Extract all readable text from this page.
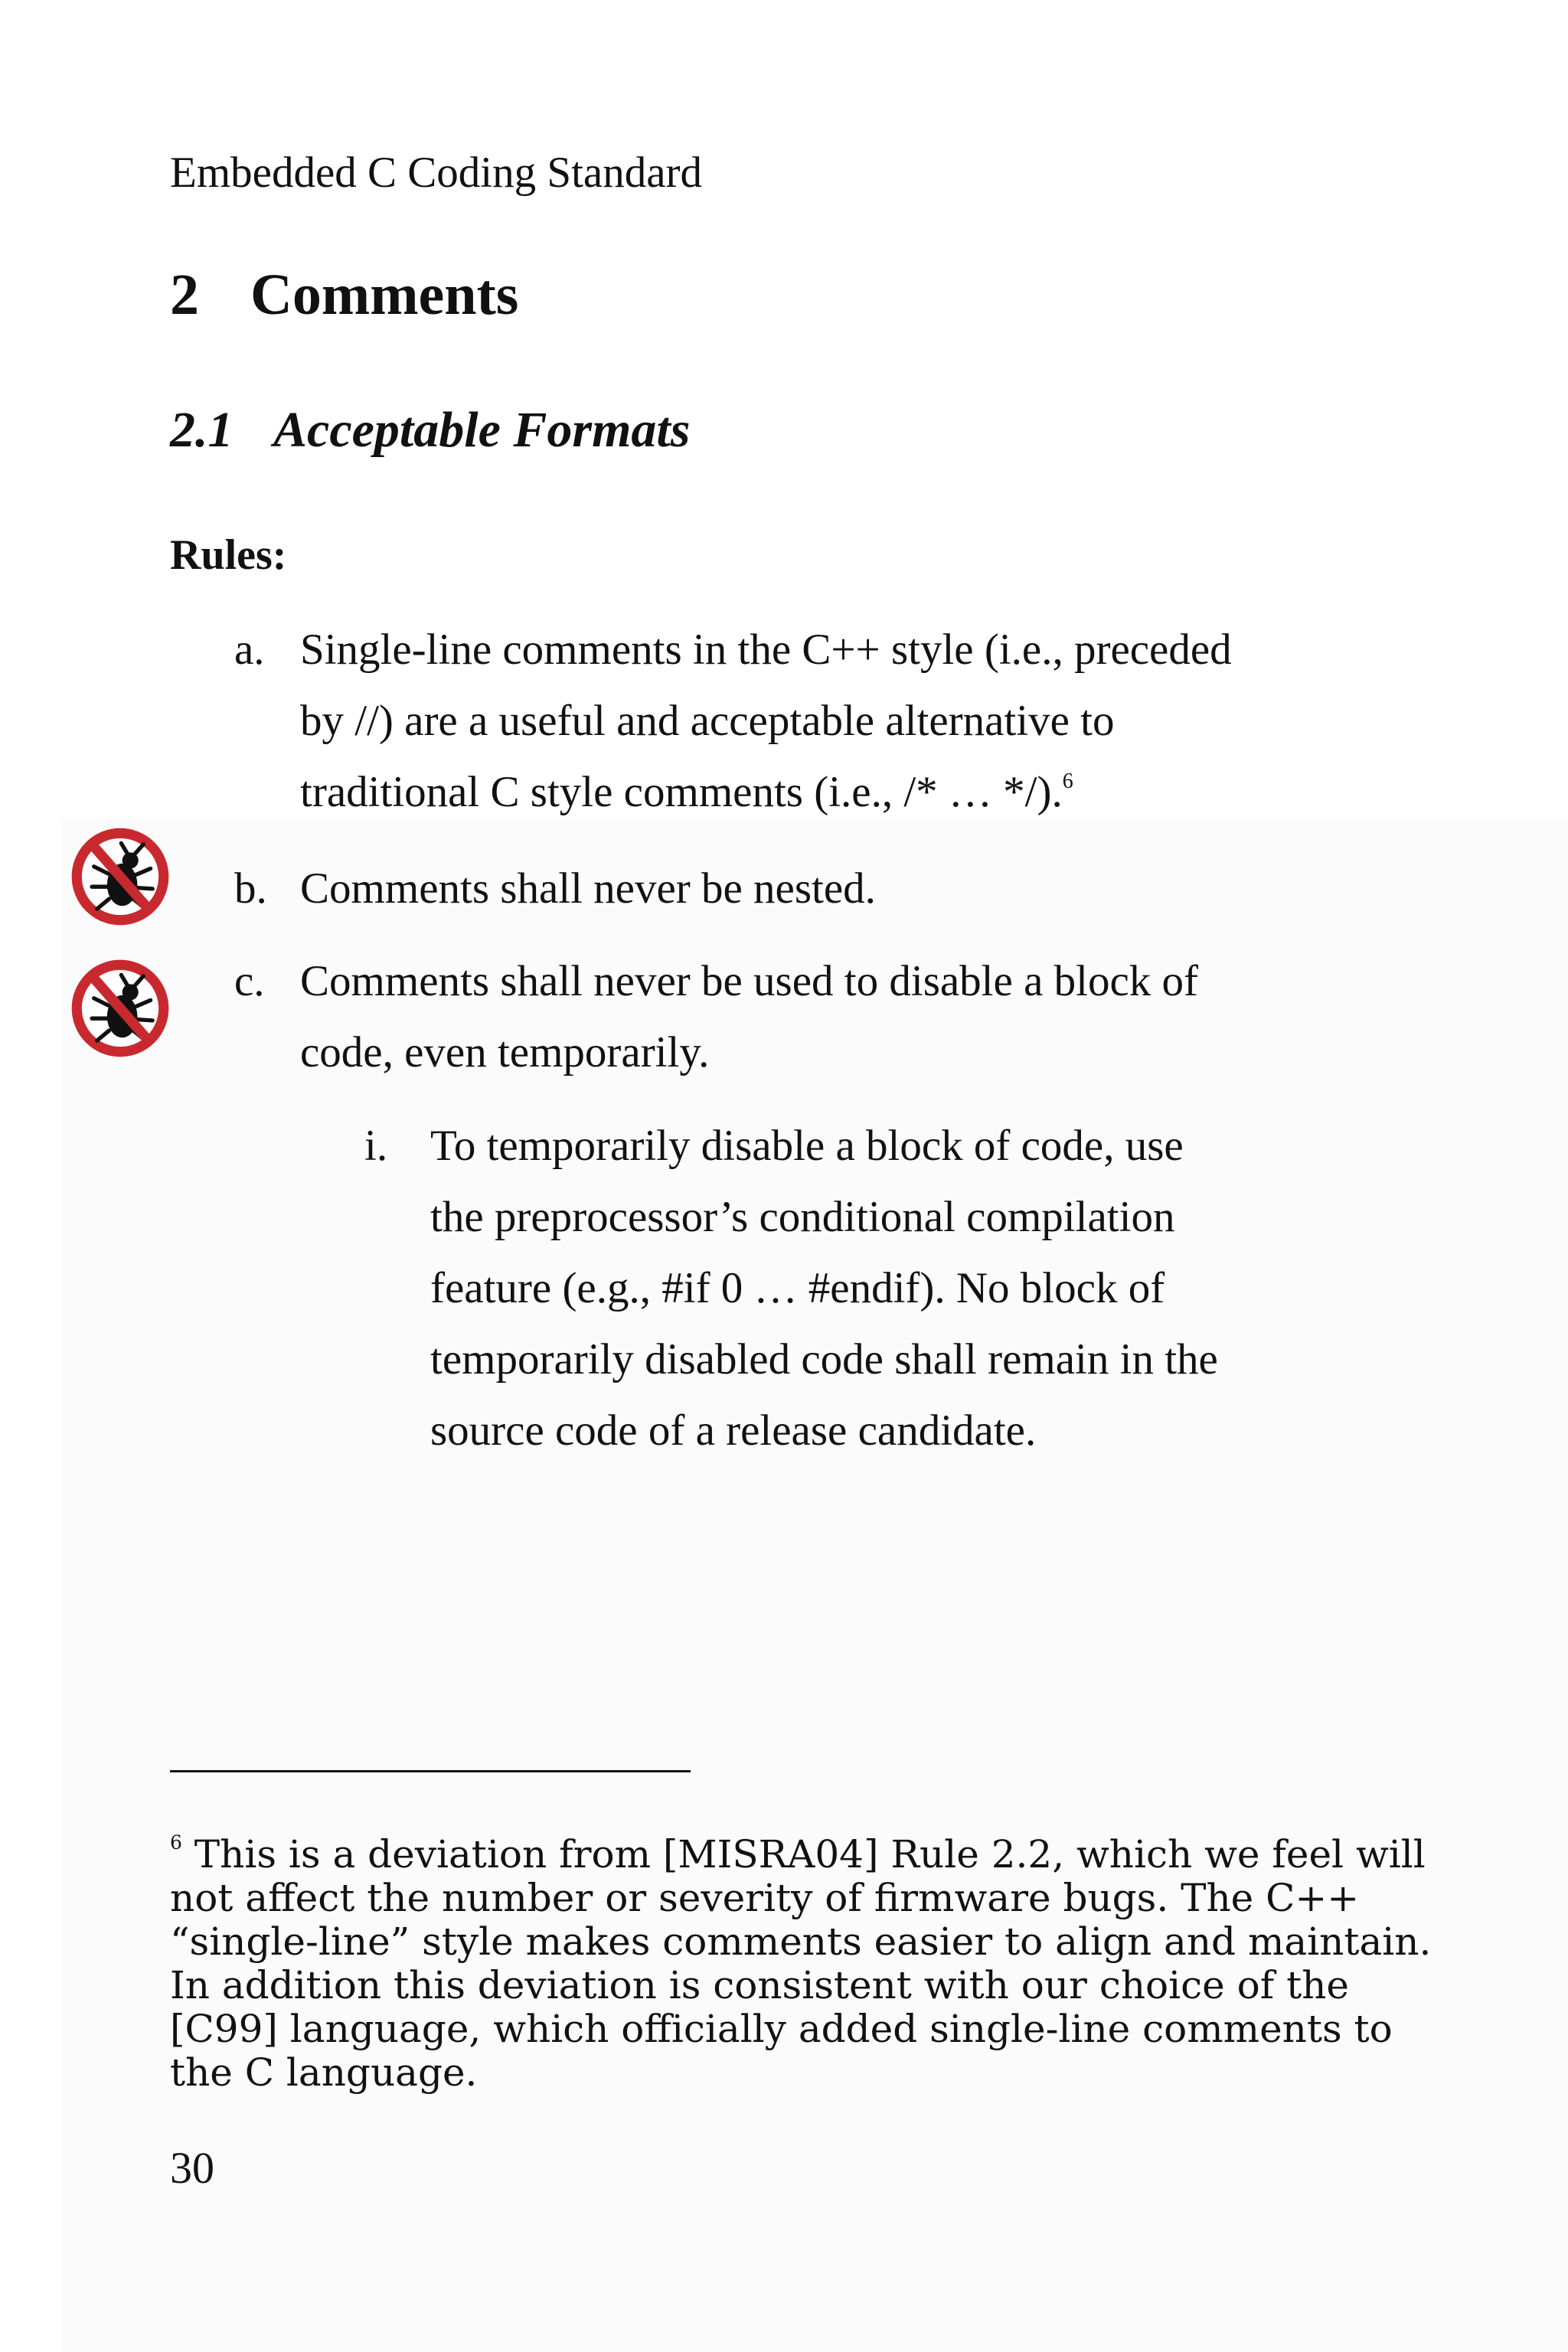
Embedded C Coding Standard
2 Comments
2.1 Acceptable Formats
Rules:
a. Single-line comments in the C++ style (i.e., preceded
by //) are a useful and acceptable alternative to
traditional C style comments (i.e., /* … */).$^6$
b. Comments shall never be nested.
c. Comments shall never be used to disable a block of
code, even temporarily.
i. To temporarily disable a block of code, use
the preprocessor’s conditional compilation
feature (e.g., #if 0 … #endif). No block of
temporarily disabled code shall remain in the
source code of a release candidate.
$^6$ This is a deviation from [MISRA04] Rule 2.2, which we feel will
not affect the number or severity of firmware bugs. The C++
“single-line” style makes comments easier to align and maintain.
In addition this deviation is consistent with our choice of the
[C99] language, which officially added single-line comments to
the C language.
30
